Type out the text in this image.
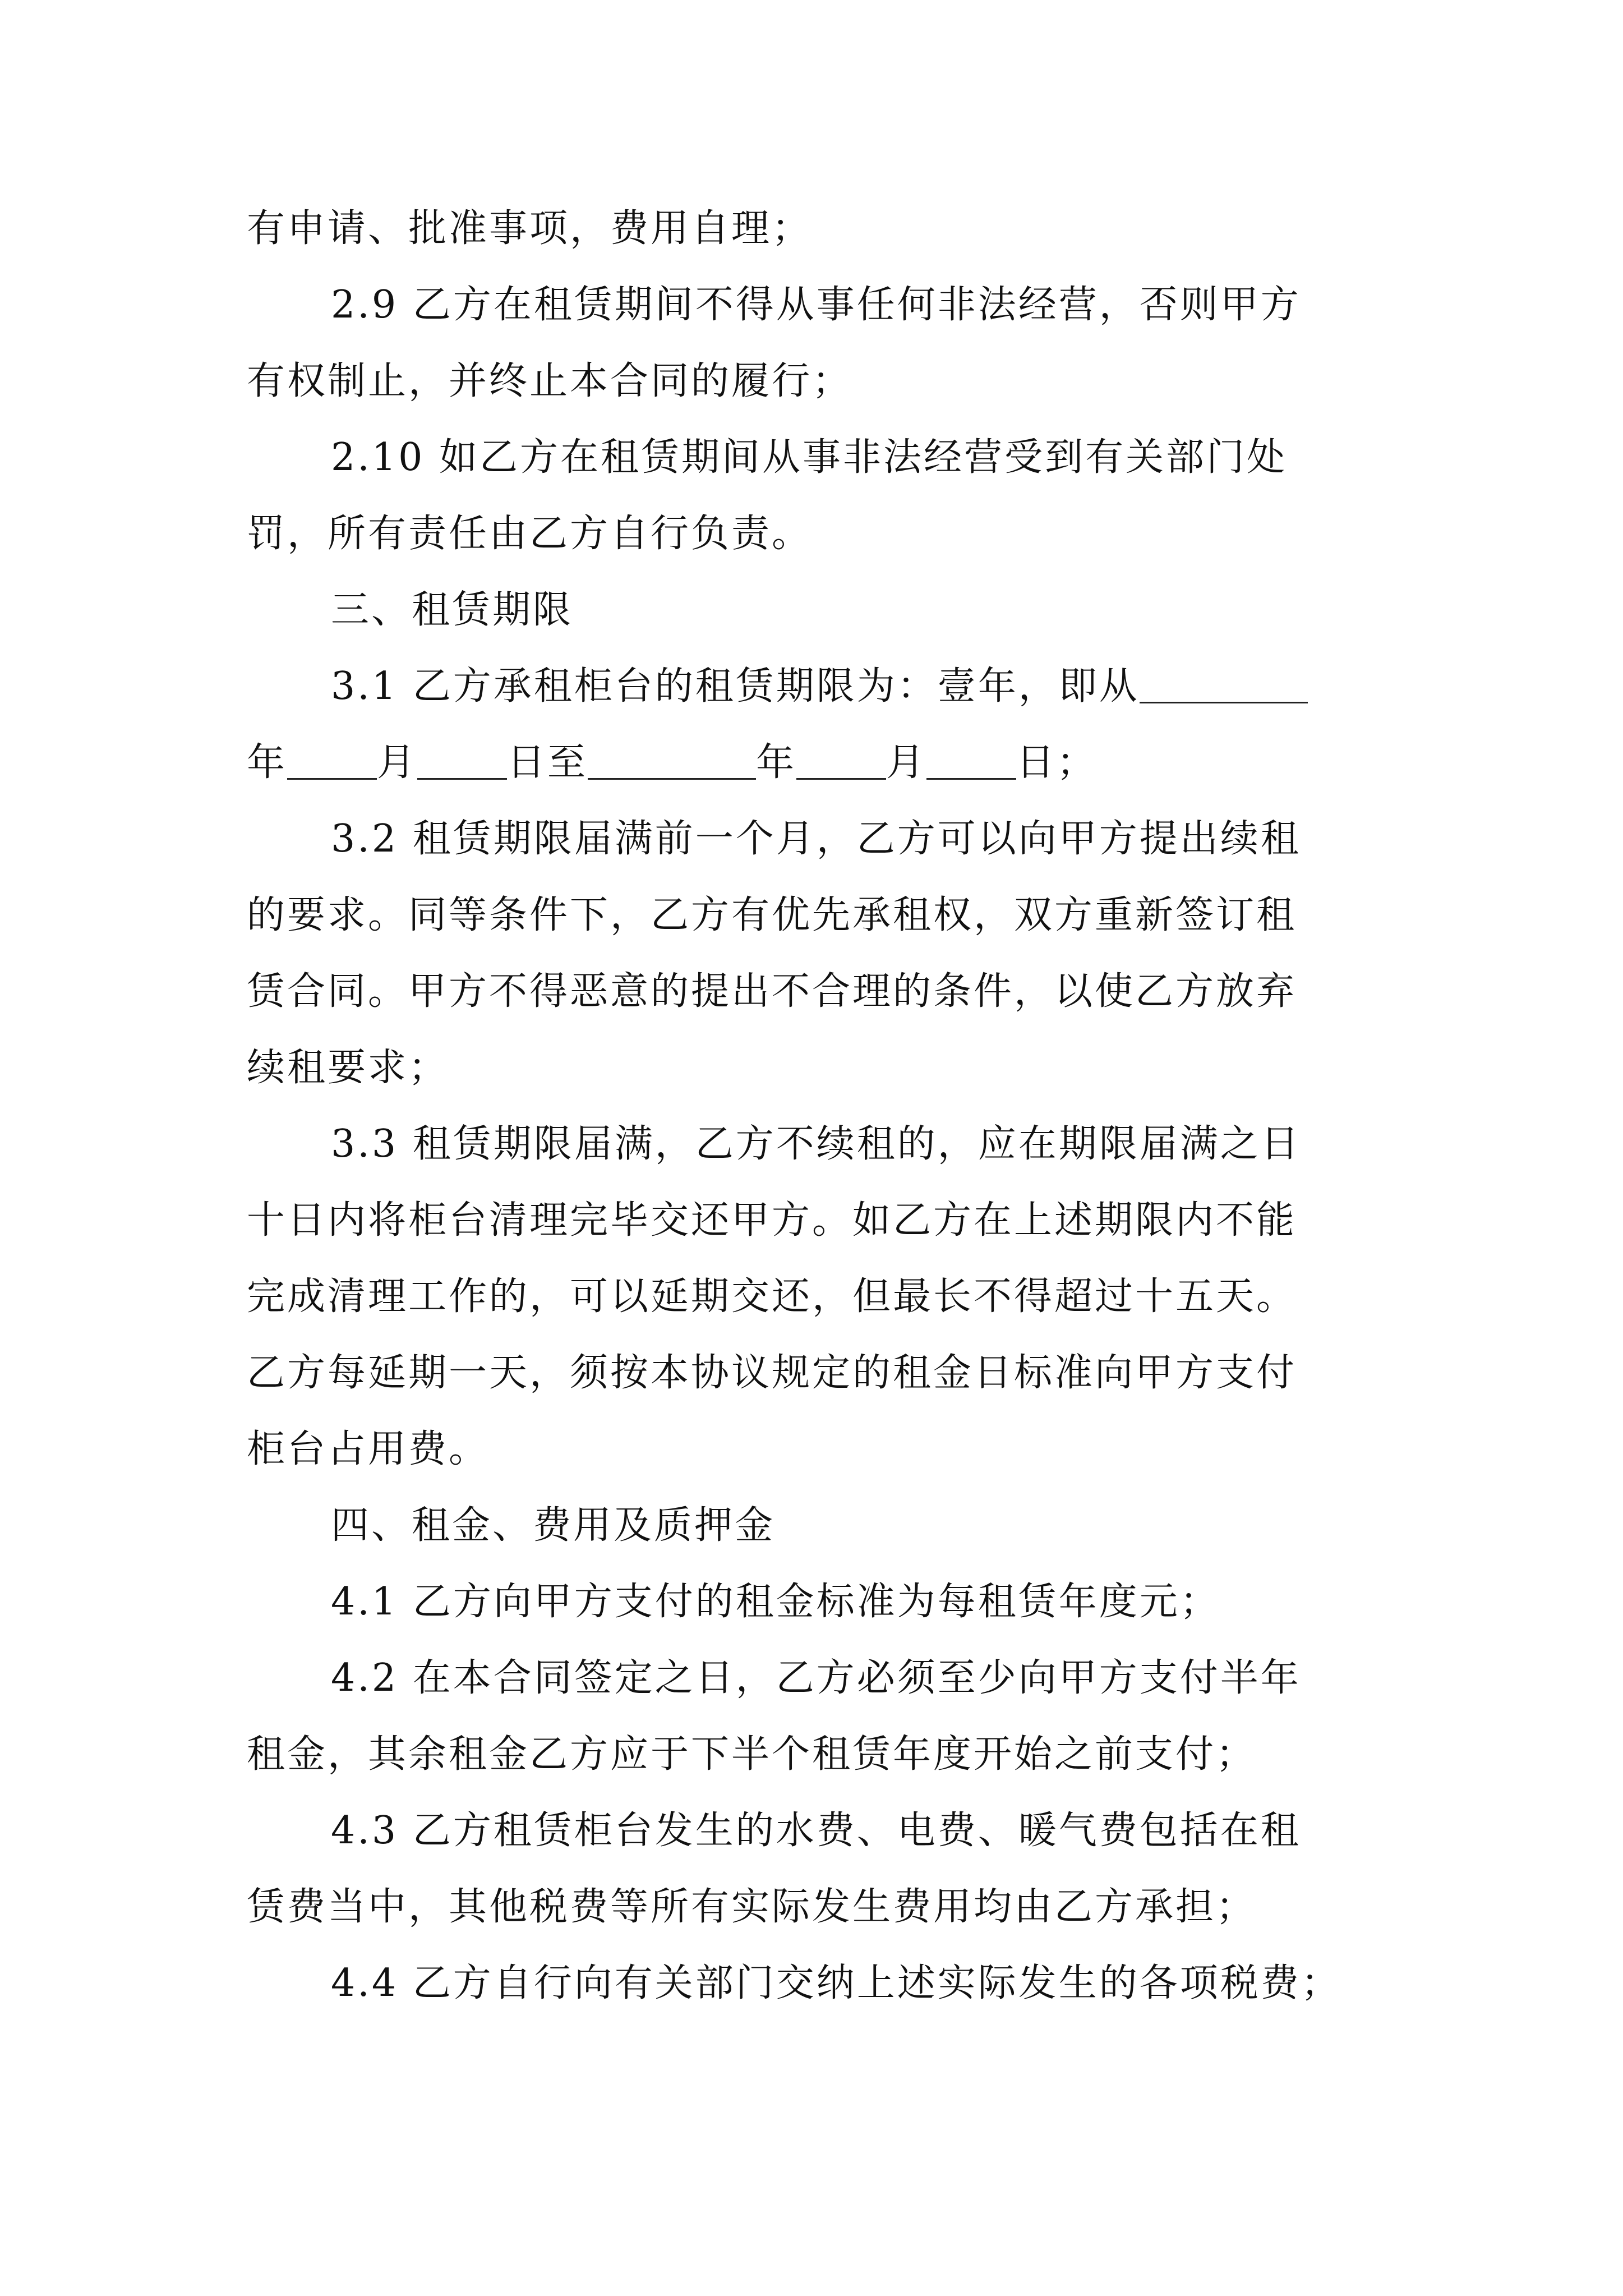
有申请、批准事项，费用自理；
2.9 乙方在租赁期间不得从事任何非法经营，否则甲方
有权制止，并终止本合同的履行；
2.10 如乙方在租赁期间从事非法经营受到有关部门处
罚，所有责任由乙方自行负责。
三、租赁期限
3.1 乙方承租柜台的租赁期限为：壹年，即从
年 月 日至	年 月 日；
3.2 租赁期限届满前一个月，乙方可以向甲方提出续租
的要求。同等条件下，乙方有优先承租权，双方重新签订租
赁合同。甲方不得恶意的提出不合理的条件，以使乙方放弃
续租要求；
3.3 租赁期限届满，乙方不续租的，应在期限届满之日
十日内将柜台清理完毕交还甲方。如乙方在上述期限内不能
完成清理工作的，可以延期交还，但最长不得超过十五天。
乙方每延期一天，须按本协议规定的租金日标准向甲方支付
柜台占用费。
四、租金、费用及质押金
4.1 乙方向甲方支付的租金标准为每租赁年度元；
4.2 在本合同签定之日，乙方必须至少向甲方支付半年
租金，其余租金乙方应于下半个租赁年度开始之前支付；
4.3 乙方租赁柜台发生的水费、电费、暖气费包括在租
赁费当中，其他税费等所有实际发生费用均由乙方承担；
4.4 乙方自行向有关部门交纳上述实际发生的各项税费；
